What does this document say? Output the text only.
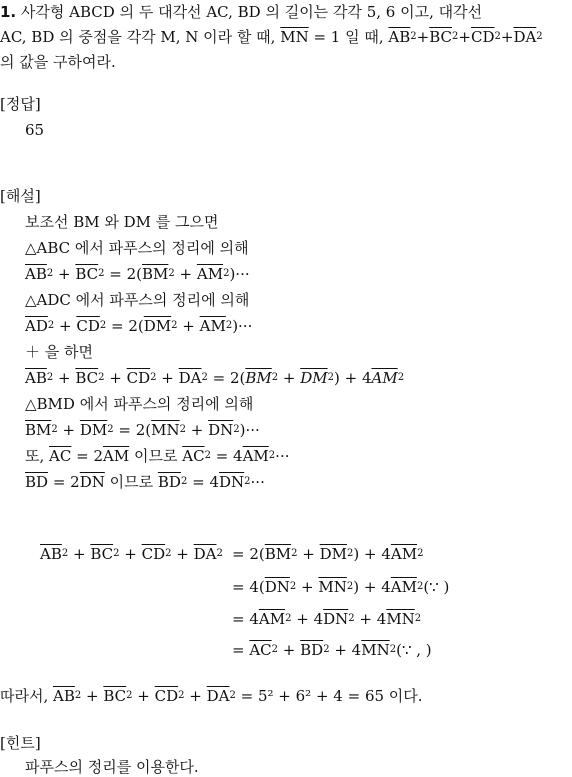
1. 사각형 ABCD 의 두 대각선 AC, BD 의 길이는 각각 5, 6 이고, 대각선
AC, BD 의 중점을 각각 M, N 이라 할 때, $\overline{MN} = 1$ 일 때, $\overline{AB}^2+\overline{BC}^2+\overline{CD}^2+\overline{DA}^2$
의 값을 구하여라.
[정답]
65
[해설]
보조선 BM 와 DM 를 그으면
△ABC 에서 파푸스의 정리에 의해
$\overline{AB}^2 + \overline{BC}^2 = 2(\overline{BM}^2 + \overline{AM}^2)\cdot\cdot\cdot$
△ADC 에서 파푸스의 정리에 의해
$\overline{AD}^2 + \overline{CD}^2 = 2(\overline{DM}^2 + \overline{AM}^2)\cdot\cdot\cdot$
＋ 을 하면
$\overline{AB}^2 + \overline{BC}^2 + \overline{CD}^2 + \overline{DA}^2 = 2(\overline{BM}^2 + \overline{DM}^2) + 4\overline{AM}^2$
△BMD 에서 파푸스의 정리에 의해
$\overline{BM}^2 + \overline{DM}^2 = 2(\overline{MN}^2 + \overline{DN}^2)\cdot\cdot\cdot$
또, $\overline{AC} = 2\overline{AM}$ 이므로 $\overline{AC}^2 = 4\overline{AM}^2\cdot\cdot\cdot$
$\overline{BD} = 2\overline{DN}$ 이므로 $\overline{BD}^2 = 4\overline{DN}^2\cdot\cdot\cdot$
$\overline{AB}^2 + \overline{BC}^2 + \overline{CD}^2 + \overline{DA}^2 = 2(\overline{BM}^2 + \overline{DM}^2) + 4\overline{AM}^2$
= $4(\overline{DN}^2 + \overline{MN}^2)$ + $4\overline{AM}^2(\because$ )
= $4\overline{AM}^2 + 4\overline{DN}^2 + 4\overline{MN}^2$
= $\overline{AC}^2 + \overline{BD}^2$ + $4\overline{MN}^2(\because$ , )
따라서, $\overline{AB}^2 + \overline{BC}^2 + \overline{CD}^2 + \overline{DA}^2 = 5^2 + 6^2 + 4 = 65$ 이다.
[힌트]
파푸스의 정리를 이용한다.
